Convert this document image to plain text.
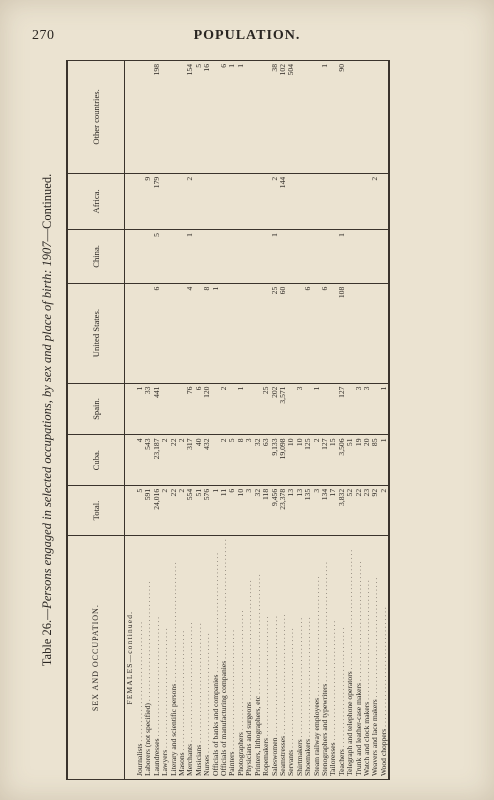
270	POPULATION.
Table 26.—Persons engaged in selected occupations, by sex and place of birth: 1907—Continued.
SEX AND OCCUPATION.	Total.	Cuba.	Spain.	United States.	China.	Africa.	Other countries.
FEMALES—continued.							
Journalists . . . . . . . . . . . . . . . . . . . . . . . . . . . . . . . .	5	4	1				
Laborers (not specified) . . . . . . . . . . . . . . . . . . . . . . . . . . . . . . . .	591	543	33			9	
Laundresses . . . . . . . . . . . . . . . . . . . . . . . . . . . . . . . .	24,016	23,187	441	6	5	179	198
Lawyers . . . . . . . . . . . . . . . . . . . . . . . . . . . . . . . .	2	2					
Literary and scientific persons . . . . . . . . . . . . . . . . . . . . . . . . . . . . . . . .	22	22					
Masons . . . . . . . . . . . . . . . . . . . . . . . . . . . . . . . .	2	2					
Merchants . . . . . . . . . . . . . . . . . . . . . . . . . . . . . . . .	554	317	76	4	1	2	154
Musicians . . . . . . . . . . . . . . . . . . . . . . . . . . . . . . . .	51	40	6				5
Nurses . . . . . . . . . . . . . . . . . . . . . . . . . . . . . . . .	576	432	120	8			16
Officials of banks and companies . . . . . . . . . . . . . . . . . . . . . . . . . . . . . . . .	1			1			
Officials of manufacturing companies . . . . . . . . . . . . . . . . . . . . . . . . . . . . . . . .	11	2	2				6
Painters . . . . . . . . . . . . . . . . . . . . . . . . . . . . . . . .	6	5					1
Photographers . . . . . . . . . . . . . . . . . . . . . . . . . . . . . . . .	10	8	1				1
Physicians and surgeons . . . . . . . . . . . . . . . . . . . . . . . . . . . . . . . .	3	3					
Printers, lithographers, etc . . . . . . . . . . . . . . . . . . . . . . . . . . . . . . . .	32	32					
Ropemakers . . . . . . . . . . . . . . . . . . . . . . . . . . . . . . . .	118	63	25				
Saleswomen . . . . . . . . . . . . . . . . . . . . . . . . . . . . . . . .	9,456	9,133	202	25	1	2	38
Seamstresses . . . . . . . . . . . . . . . . . . . . . . . . . . . . . . . .	23,378	19,098	3,571	60		144	102
Servants . . . . . . . . . . . . . . . . . . . . . . . . . . . . . . . .	13	10					504
Shirtmakers . . . . . . . . . . . . . . . . . . . . . . . . . . . . . . . .	13	10	3				
Shoemakers . . . . . . . . . . . . . . . . . . . . . . . . . . . . . . . .	135	125		6			
Steam railway employees . . . . . . . . . . . . . . . . . . . . . . . . . . . . . . . .	3	2	1				
Stenographers and typewriters . . . . . . . . . . . . . . . . . . . . . . . . . . . . . . . .	134	127		6			1
Tailoresses . . . . . . . . . . . . . . . . . . . . . . . . . . . . . . . .	17	15					
Teachers . . . . . . . . . . . . . . . . . . . . . . . . . . . . . . . .	3,832	3,506	127	108	1		90
Telegraph and telephone operators . . . . . . . . . . . . . . . . . . . . . . . . . . . . . . . .	52	51					
Trunk and leather-case makers . . . . . . . . . . . . . . . . . . . . . . . . . . . . . . . .	22	19	3				
Watch and clock makers . . . . . . . . . . . . . . . . . . . . . . . . . . . . . . . .	23	20	3				
Weavers and lace makers . . . . . . . . . . . . . . . . . . . . . . . . . . . . . . . .	92	85				2	
Wood choppers . . . . . . . . . . . . . . . . . . . . . . . . . . . . . . . .	2	1	1				
